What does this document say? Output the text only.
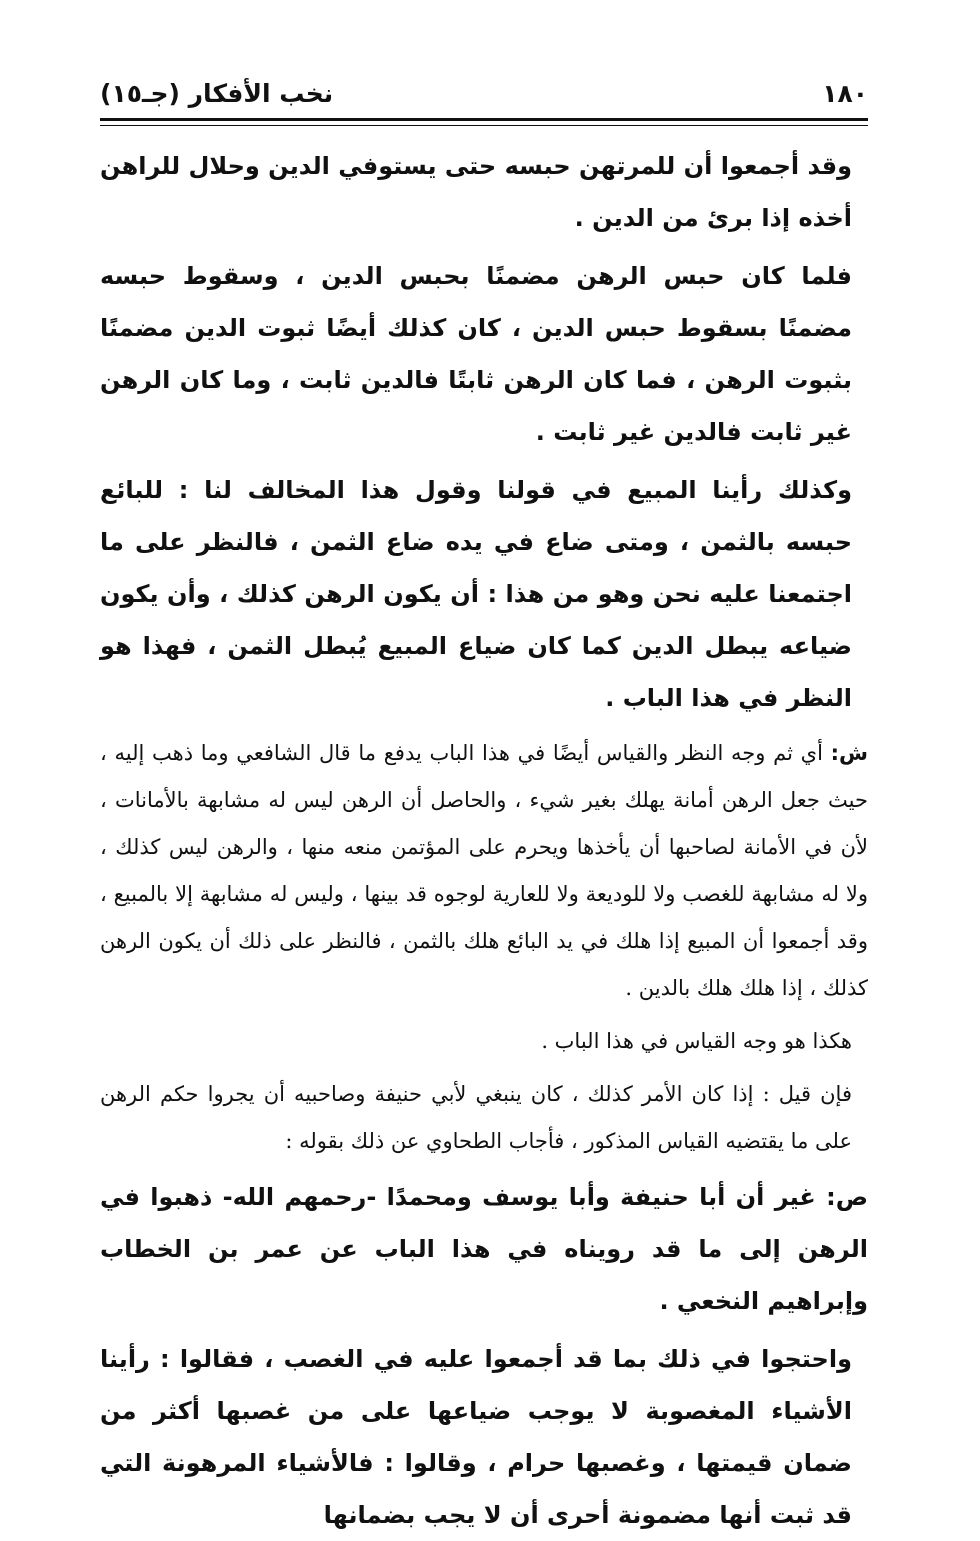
١٨٠
نخب الأفكار (جـ١٥)

وقد أجمعوا أن للمرتهن حبسه حتى يستوفي الدين وحلال للراهن أخذه إذا برئ من الدين .

فلما كان حبس الرهن مضمنًا بحبس الدين ، وسقوط حبسه مضمنًا بسقوط حبس الدين ، كان كذلك أيضًا ثبوت الدين مضمنًا بثبوت الرهن ، فما كان الرهن ثابتًا فالدين ثابت ، وما كان الرهن غير ثابت فالدين غير ثابت .

وكذلك رأينا المبيع في قولنا وقول هذا المخالف لنا : للبائع حبسه بالثمن ، ومتى ضاع في يده ضاع الثمن ، فالنظر على ما اجتمعنا عليه نحن وهو من هذا : أن يكون الرهن كذلك ، وأن يكون ضياعه يبطل الدين كما كان ضياع المبيع يُبطل الثمن ، فهذا هو النظر في هذا الباب .

ش: أي ثم وجه النظر والقياس أيضًا في هذا الباب يدفع ما قال الشافعي وما ذهب إليه ، حيث جعل الرهن أمانة يهلك بغير شيء ، والحاصل أن الرهن ليس له مشابهة بالأمانات ، لأن في الأمانة لصاحبها أن يأخذها ويحرم على المؤتمن منعه منها ، والرهن ليس كذلك ، ولا له مشابهة للغصب ولا للوديعة ولا للعارية لوجوه قد بينها ، وليس له مشابهة إلا بالمبيع ، وقد أجمعوا أن المبيع إذا هلك في يد البائع هلك بالثمن ، فالنظر على ذلك أن يكون الرهن كذلك ، إذا هلك هلك بالدين .

هكذا هو وجه القياس في هذا الباب .

فإن قيل : إذا كان الأمر كذلك ، كان ينبغي لأبي حنيفة وصاحبيه أن يجروا حكم الرهن على ما يقتضيه القياس المذكور ، فأجاب الطحاوي عن ذلك بقوله :

ص: غير أن أبا حنيفة وأبا يوسف ومحمدًا -رحمهم الله- ذهبوا في الرهن إلى ما قد رويناه في هذا الباب عن عمر بن الخطاب وإبراهيم النخعي .

واحتجوا في ذلك بما قد أجمعوا عليه في الغصب ، فقالوا : رأينا الأشياء المغصوبة لا يوجب ضياعها على من غصبها أكثر من ضمان قيمتها ، وغصبها حرام ، وقالوا : فالأشياء المرهونة التي قد ثبت أنها مضمونة أحرى أن لا يجب بضمانها
